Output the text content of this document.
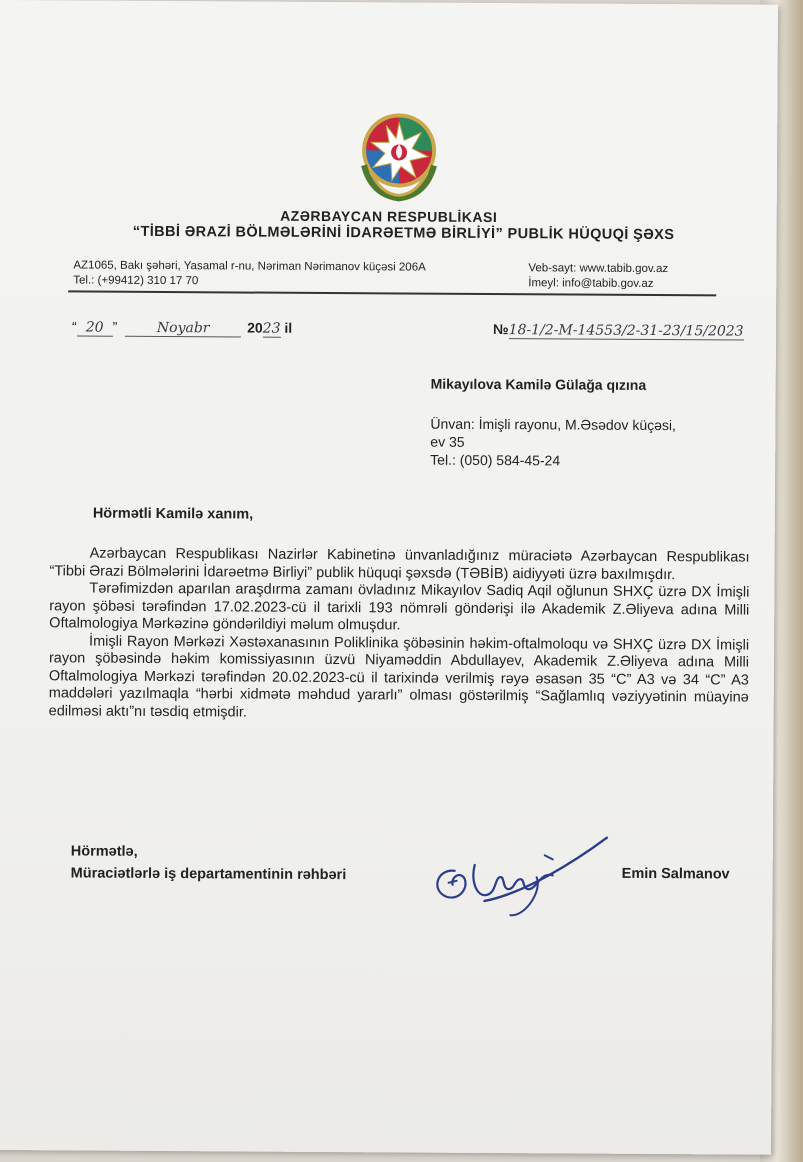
AZƏRBAYCAN RESPUBLİKASI
“TİBBİ ƏRAZİ BÖLMƏLƏRİNİ İDARƏETMƏ BİRLİYİ” PUBLİK HÜQUQİ ŞƏXS
AZ1065, Bakı şəhəri, Yasamal r-nu, Nəriman Nərimanov küçəsi 206A
Tel.: (+99412) 310 17 70
Veb-sayt: www.tabib.gov.az
İmeyl: info@tabib.gov.az
“ 20 ”	Noyabr	2023 il	№18-1/2-M-14553/2-31-23/15/2023
Mikayılova Kamilə Gülağa qızına
Ünvan: İmişli rayonu, M.Əsədov küçəsi,
ev 35
Tel.: (050) 584-45-24
Hörmətli Kamilə xanım,

Azərbaycan Respublikası Nazirlər Kabinetinə ünvanladığınız müraciətə Azərbaycan Respublikası “Tibbi Ərazi Bölmələrini İdarəetmə Birliyi” publik hüquqi şəxsdə (TƏBİB) aidiyyəti üzrə baxılmışdır.

Tərəfimizdən aparılan araşdırma zamanı övladınız Mikayılov Sadiq Aqil oğlunun SHXÇ üzrə DX İmişli rayon şöbəsi tərəfindən 17.02.2023-cü il tarixli 193 nömrəli göndərişi ilə Akademik Z.Əliyeva adına Milli Oftalmologiya Mərkəzinə göndərildiyi məlum olmuşdur.

İmişli Rayon Mərkəzi Xəstəxanasının Poliklinika şöbəsinin həkim-oftalmoloqu və SHXÇ üzrə DX İmişli rayon şöbəsində həkim komissiyasının üzvü Niyaməddin Abdullayev, Akademik Z.Əliyeva adına Milli Oftalmologiya Mərkəzi tərəfindən 20.02.2023-cü il tarixində verilmiş rəyə əsasən 35 “C” A3 və 34 “C” A3 maddələri yazılmaqla “hərbi xidmətə məhdud yararlı” olması göstərilmiş “Sağlamlıq vəziyyətinin müayinə edilməsi aktı”nı təsdiq etmişdir.

Hörmətlə,
Müraciətlərlə iş departamentinin rəhbəri	Emin Salmanov
